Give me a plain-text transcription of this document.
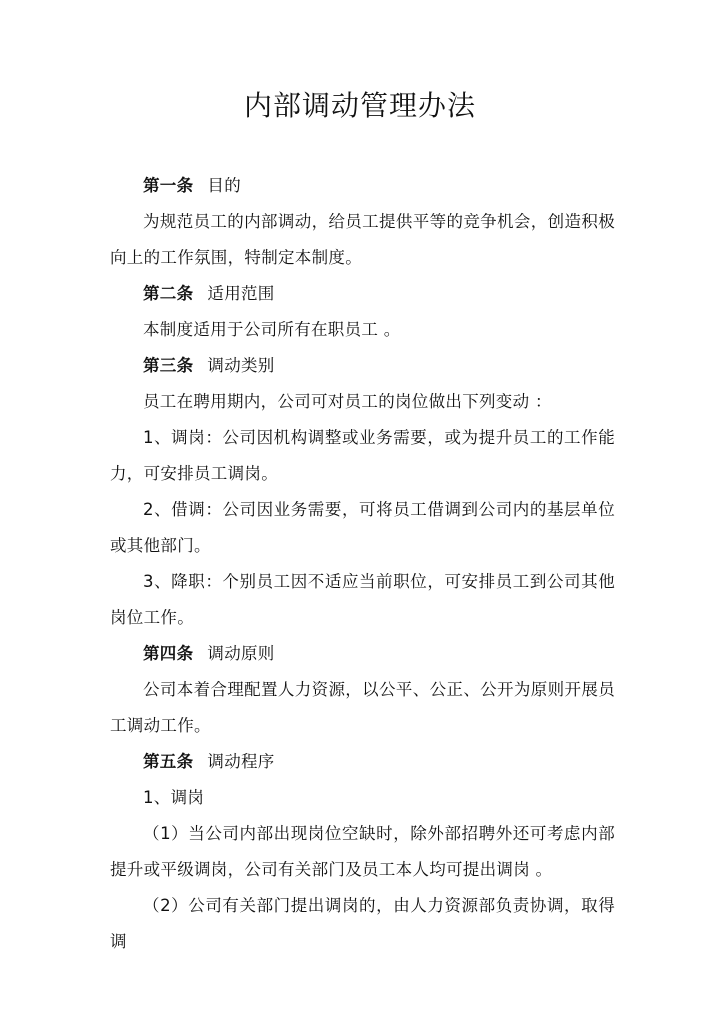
内部调动管理办法

第一条 目的

为规范员工的内部调动，给员工提供平等的竞争机会，创造积极向上的工作氛围，特制定本制度。

第二条 适用范围

本制度适用于公司所有在职员工 。

第三条 调动类别

员工在聘用期内，公司可对员工的岗位做出下列变动 ：

1、调岗：公司因机构调整或业务需要，或为提升员工的工作能力，可安排员工调岗。

2、借调：公司因业务需要，可将员工借调到公司内的基层单位或其他部门。

3、降职：个别员工因不适应当前职位，可安排员工到公司其他岗位工作。

第四条 调动原则

公司本着合理配置人力资源，以公平、公正、公开为原则开展员工调动工作。

第五条 调动程序

1、调岗

（1）当公司内部出现岗位空缺时，除外部招聘外还可考虑内部提升或平级调岗，公司有关部门及员工本人均可提出调岗 。

（2）公司有关部门提出调岗的，由人力资源部负责协调，取得调
